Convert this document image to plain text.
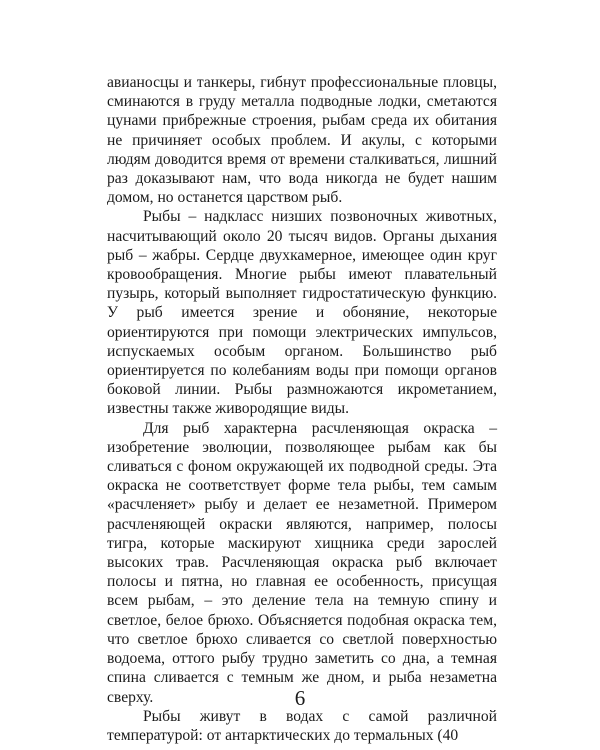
авианосцы и танкеры, гибнут профессиональные пловцы, сминаются в груду металла подводные лодки, сметаются цунами прибрежные строения, рыбам среда их обитания не причиняет особых проблем. И акулы, с которыми людям доводится время от времени сталкиваться, лишний раз доказывают нам, что вода никогда не будет нашим домом, но останется царством рыб.

Рыбы – надкласс низших позвоночных животных, насчитывающий около 20 тысяч видов. Органы дыхания рыб – жабры. Сердце двухкамерное, имеющее один круг кровообращения. Многие рыбы имеют плавательный пузырь, который выполняет гидростатическую функцию. У рыб имеется зрение и обоняние, некоторые ориентируются при помощи электрических импульсов, испускаемых особым органом. Большинство рыб ориентируется по колебаниям воды при помощи органов боковой линии. Рыбы размножаются икрометанием, известны также живородящие виды.

Для рыб характерна расчленяющая окраска – изобретение эволюции, позволяющее рыбам как бы сливаться с фоном окружающей их подводной среды. Эта окраска не соответствует форме тела рыбы, тем самым «расчленяет» рыбу и делает ее незаметной. Примером расчленяющей окраски являются, например, полосы тигра, которые маскируют хищника среди зарослей высоких трав. Расчленяющая окраска рыб включает полосы и пятна, но главная ее особенность, присущая всем рыбам, – это деление тела на темную спину и светлое, белое брюхо. Объясняется подобная окраска тем, что светлое брюхо сливается со светлой поверхностью водоема, оттого рыбу трудно заметить со дна, а темная спина сливается с темным же дном, и рыба незаметна сверху.

Рыбы живут в водах с самой различной температурой: от антарктических до термальных (40

6
